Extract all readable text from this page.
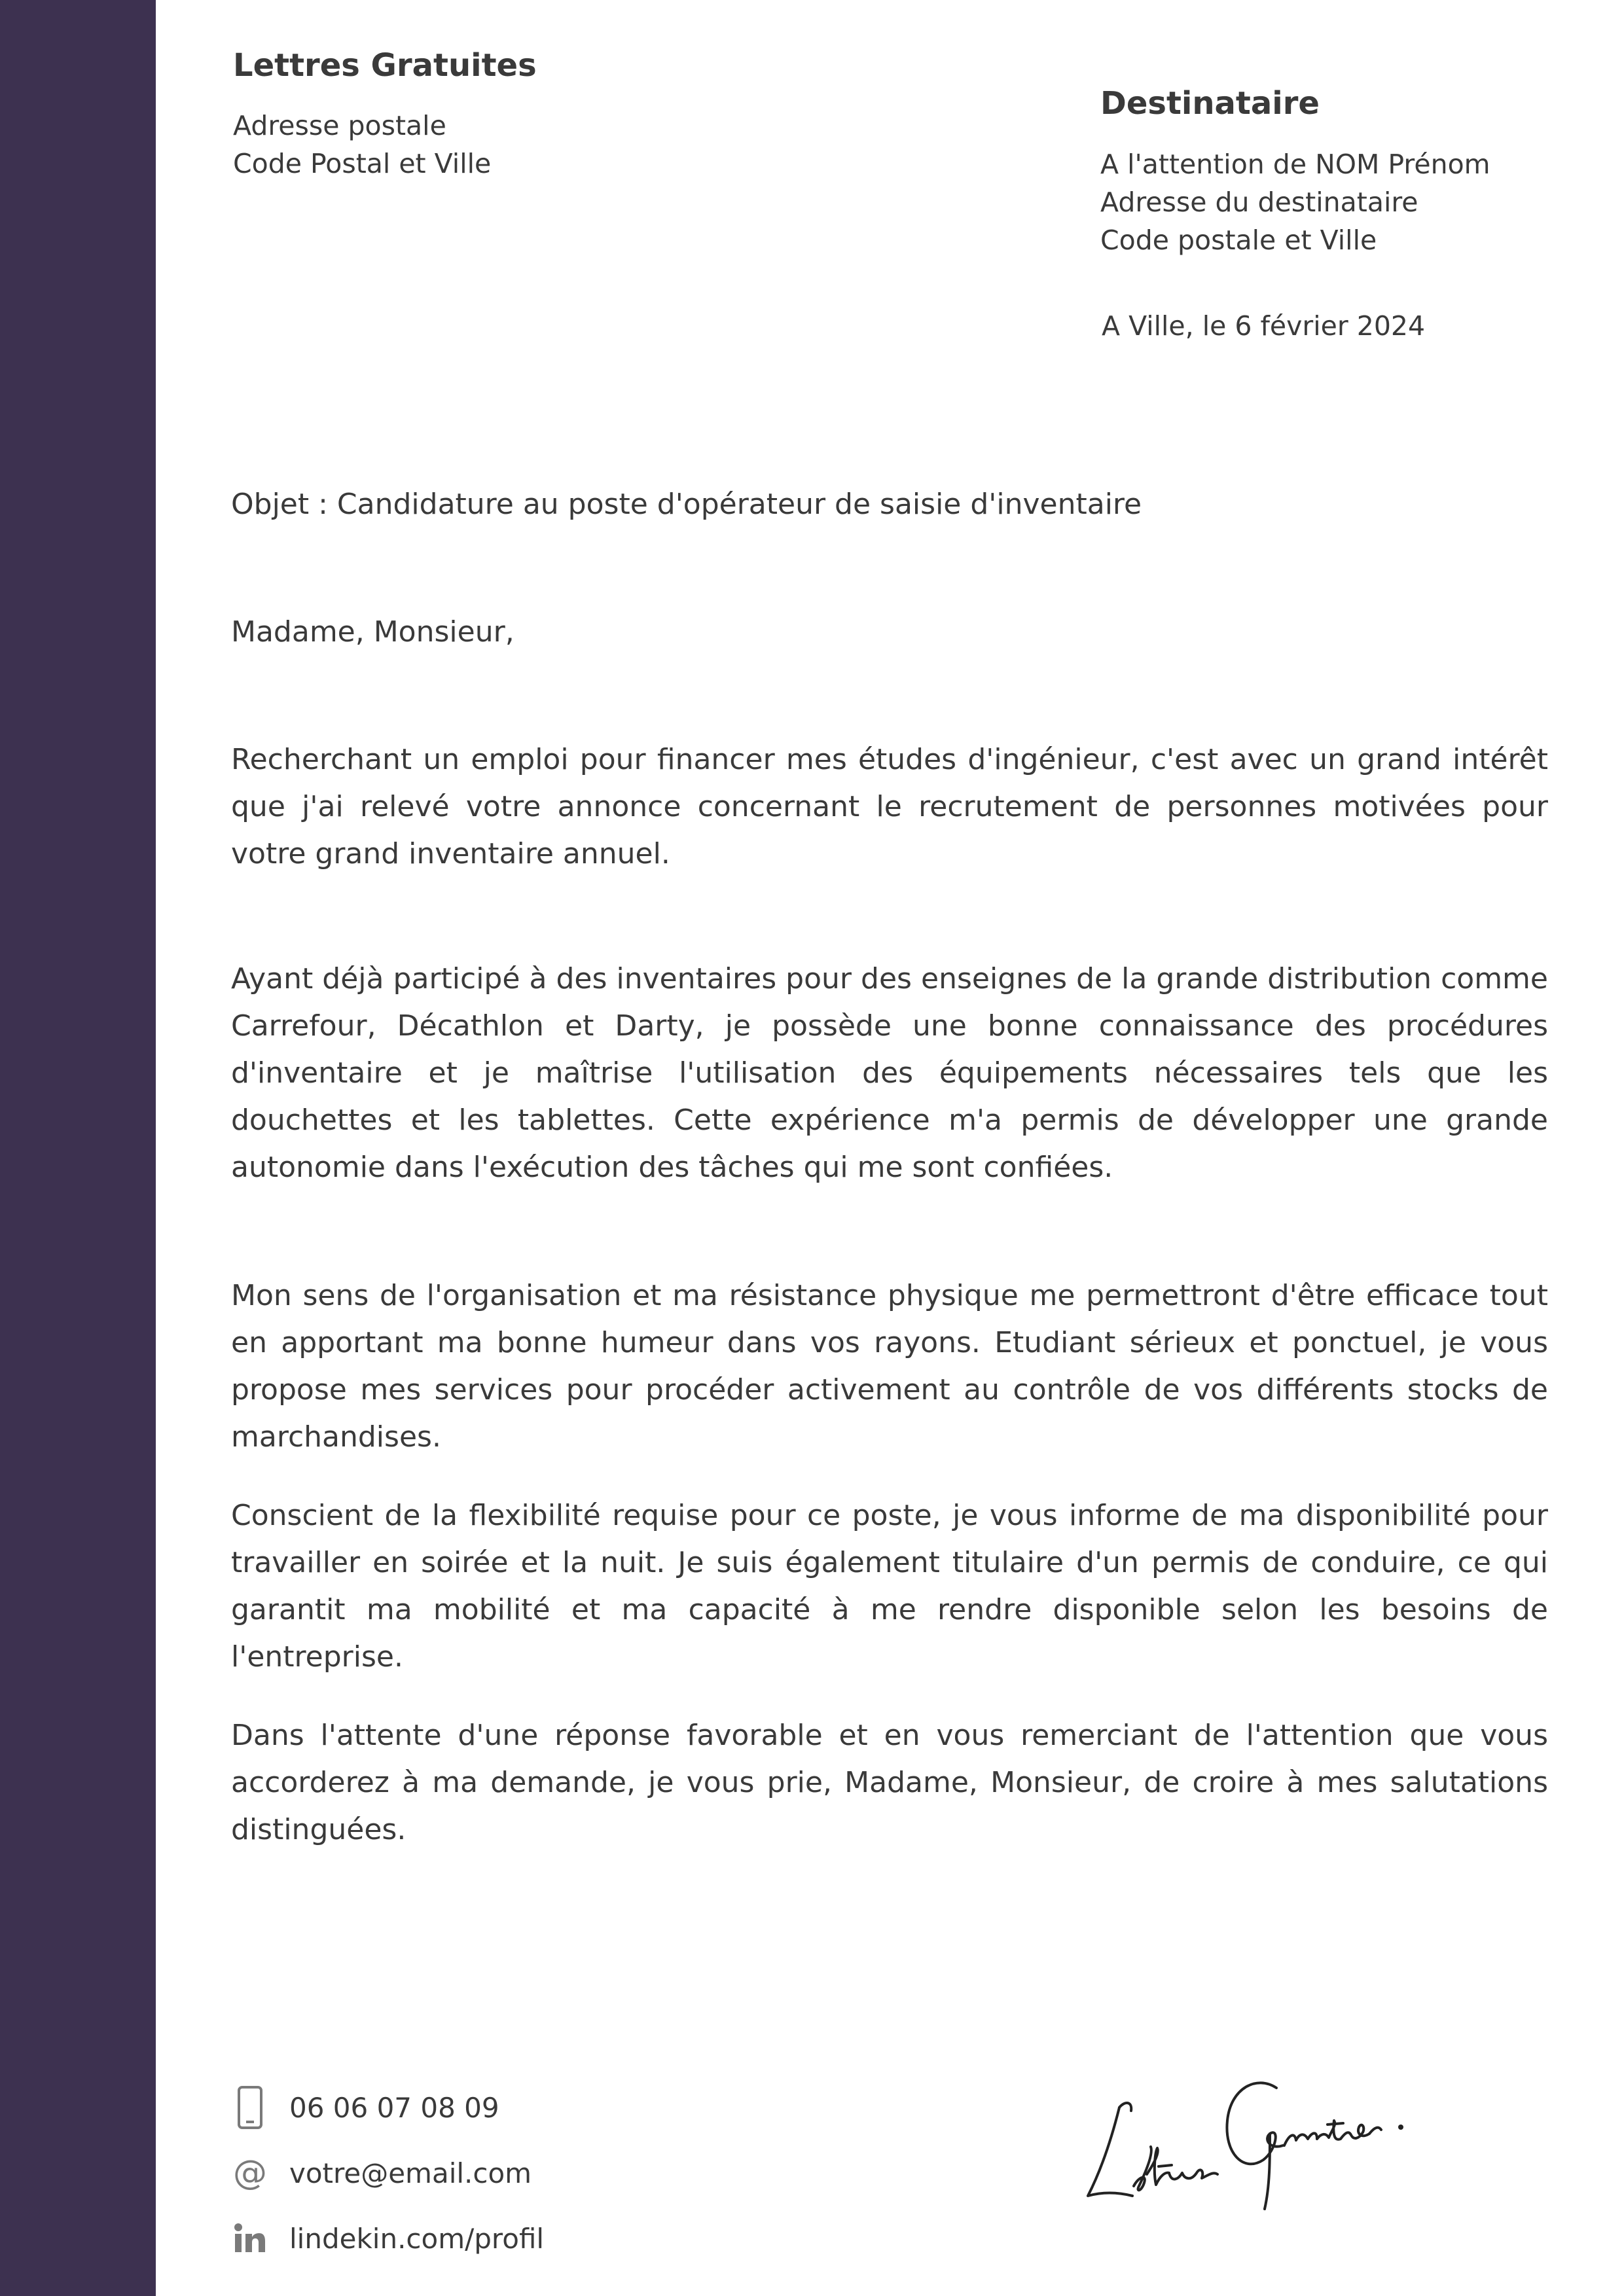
Lettres Gratuites
Adresse postale
Code Postal et Ville
Destinataire
A l'attention de NOM Prénom
Adresse du destinataire
Code postale et Ville
A Ville, le 6 février 2024
Objet : Candidature au poste d'opérateur de saisie d'inventaire
Madame, Monsieur,

Recherchant un emploi pour financer mes études d'ingénieur, c'est avec un grand intérêt que j'ai relevé votre annonce concernant le recrutement de personnes motivées pour votre grand inventaire annuel.

Ayant déjà participé à des inventaires pour des enseignes de la grande distribution comme Carrefour, Décathlon et Darty, je possède une bonne connaissance des procédures d'inventaire et je maîtrise l'utilisation des équipements nécessaires tels que les douchettes et les tablettes. Cette expérience m'a permis de développer une grande autonomie dans l'exécution des tâches qui me sont confiées.

Mon sens de l'organisation et ma résistance physique me permettront d'être efficace tout en apportant ma bonne humeur dans vos rayons. Etudiant sérieux et ponctuel, je vous propose mes services pour procéder activement au contrôle de vos différents stocks de marchandises.

Conscient de la flexibilité requise pour ce poste, je vous informe de ma disponibilité pour travailler en soirée et la nuit. Je suis également titulaire d'un permis de conduire, ce qui garantit ma mobilité et ma capacité à me rendre disponible selon les besoins de l'entreprise.

Dans l'attente d'une réponse favorable et en vous remerciant de l'attention que vous accorderez à ma demande, je vous prie, Madame, Monsieur, de croire à mes salutations distinguées.

06 06 07 08 09
@ votre@email.com
lindekin.com/profil
